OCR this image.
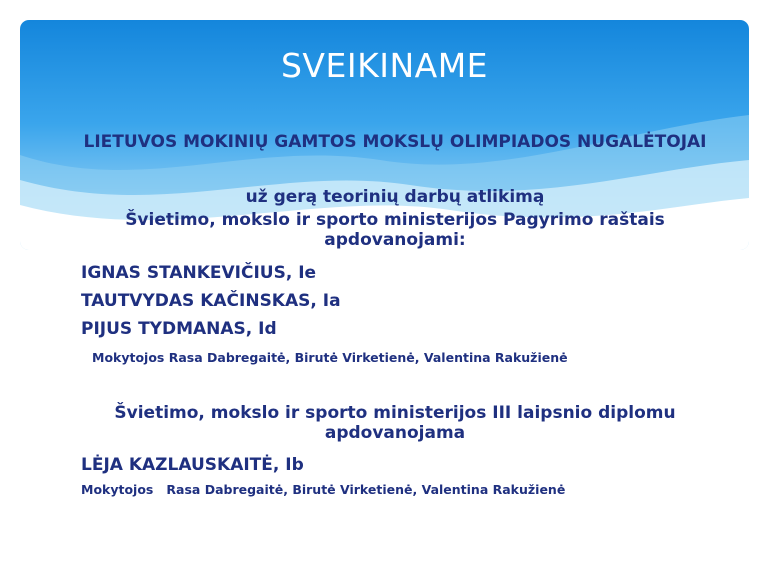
SVEIKINAME
LIETUVOS MOKINIŲ GAMTOS MOKSLŲ OLIMPIADOS NUGALĖTOJAI
už gerą teorinių darbų atlikimą
Švietimo, mokslo ir sporto ministerijos Pagyrimo raštais apdovanojami:
IGNAS STANKEVIČIUS, Ie
TAUTVYDAS KAČINSKAS, Ia
PIJUS TYDMANAS, Id
Mokytojos Rasa Dabregaitė, Birutė Virketienė, Valentina Rakužienė
Švietimo, mokslo ir sporto ministerijos III laipsnio diplomu apdovanojama
LĖJA KAZLAUSKAITĖ, Ib
Mokytojos   Rasa Dabregaitė, Birutė Virketienė, Valentina Rakužienė
